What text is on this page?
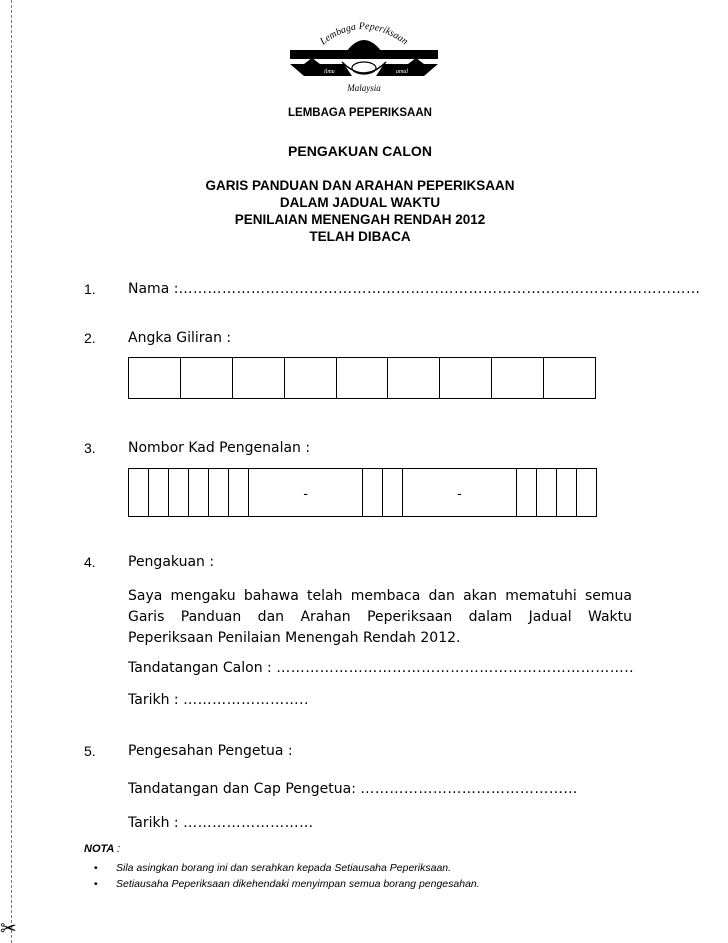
✂
Lembaga Peperiksaan
ilmu	amal
Malaysia
LEMBAGA PEPERIKSAAN
PENGAKUAN CALON
GARIS PANDUAN DAN ARAHAN PEPERIKSAAN
DALAM JADUAL WAKTU
PENILAIAN MENENGAH RENDAH 2012
TELAH DIBACA
1. Nama :………………………………………………………………………………………………
2. Angka Giliran :

3. Nombor Kad Pengenalan :
						-			-				
4. Pengakuan :
Saya mengaku bahawa telah membaca dan akan mematuhi semua Garis Panduan dan Arahan Peperiksaan dalam Jadual Waktu Peperiksaan Penilaian Menengah Rendah 2012.
Tandatangan Calon : ………………………………………………………………..
Tarikh : ……………………..
5. Pengesahan Pengetua :
Tandatangan dan Cap Pengetua: ………………………………………
Tarikh : ………………………
NOTA :
• Sila asingkan borang ini dan serahkan kepada Setiausaha Peperiksaan.
• Setiausaha Peperiksaan dikehendaki menyimpan semua borang pengesahan.
